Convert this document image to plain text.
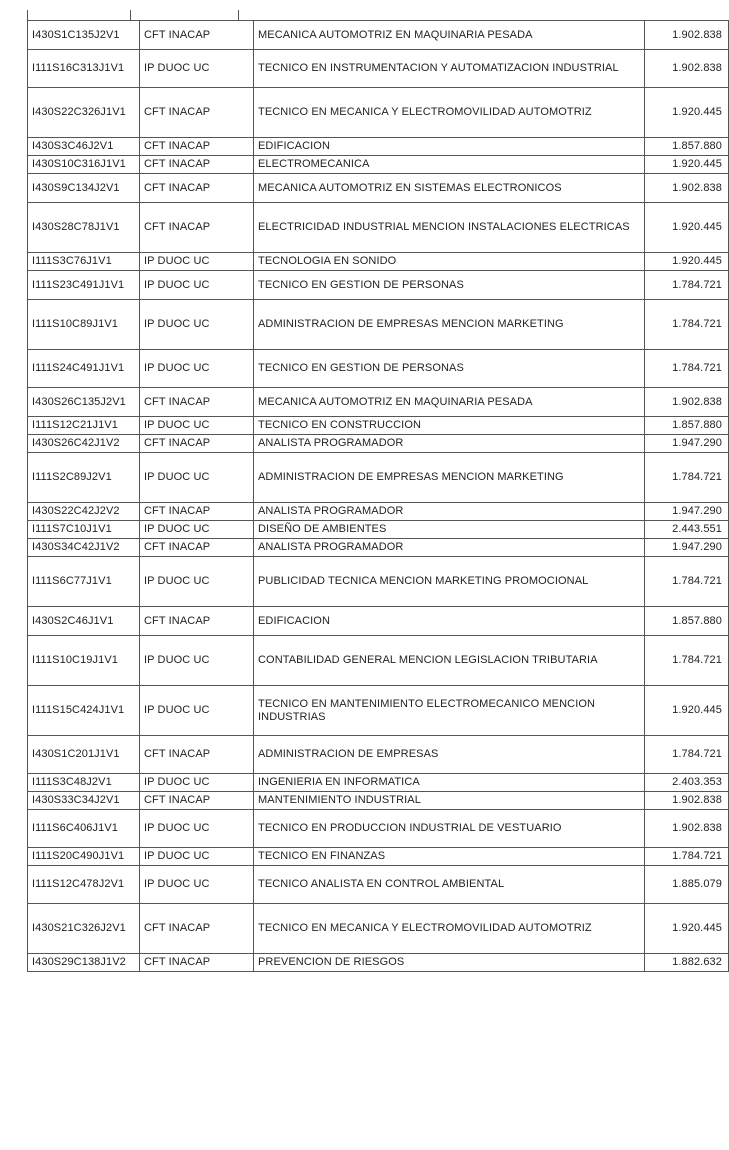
I430S1C135J2V1	CFT INACAP	MECANICA AUTOMOTRIZ EN MAQUINARIA PESADA	1.902.838
I111S16C313J1V1	IP DUOC UC	TECNICO EN INSTRUMENTACION Y AUTOMATIZACION INDUSTRIAL	1.902.838
I430S22C326J1V1	CFT INACAP	TECNICO EN MECANICA Y ELECTROMOVILIDAD AUTOMOTRIZ	1.920.445
I430S3C46J2V1	CFT INACAP	EDIFICACION	1.857.880
I430S10C316J1V1	CFT INACAP	ELECTROMECANICA	1.920.445
I430S9C134J2V1	CFT INACAP	MECANICA AUTOMOTRIZ EN SISTEMAS ELECTRONICOS	1.902.838
I430S28C78J1V1	CFT INACAP	ELECTRICIDAD INDUSTRIAL MENCION INSTALACIONES ELECTRICAS	1.920.445
I111S3C76J1V1	IP DUOC UC	TECNOLOGIA EN SONIDO	1.920.445
I111S23C491J1V1	IP DUOC UC	TECNICO EN GESTION DE PERSONAS	1.784.721
I111S10C89J1V1	IP DUOC UC	ADMINISTRACION DE EMPRESAS MENCION MARKETING	1.784.721
I111S24C491J1V1	IP DUOC UC	TECNICO EN GESTION DE PERSONAS	1.784.721
I430S26C135J2V1	CFT INACAP	MECANICA AUTOMOTRIZ EN MAQUINARIA PESADA	1.902.838
I111S12C21J1V1	IP DUOC UC	TECNICO EN CONSTRUCCION	1.857.880
I430S26C42J1V2	CFT INACAP	ANALISTA PROGRAMADOR	1.947.290
I111S2C89J2V1	IP DUOC UC	ADMINISTRACION DE EMPRESAS MENCION MARKETING	1.784.721
I430S22C42J2V2	CFT INACAP	ANALISTA PROGRAMADOR	1.947.290
I111S7C10J1V1	IP DUOC UC	DISEÑO DE AMBIENTES	2.443.551
I430S34C42J1V2	CFT INACAP	ANALISTA PROGRAMADOR	1.947.290
I111S6C77J1V1	IP DUOC UC	PUBLICIDAD TECNICA MENCION MARKETING PROMOCIONAL	1.784.721
I430S2C46J1V1	CFT INACAP	EDIFICACION	1.857.880
I111S10C19J1V1	IP DUOC UC	CONTABILIDAD GENERAL MENCION LEGISLACION TRIBUTARIA	1.784.721
I111S15C424J1V1	IP DUOC UC	TECNICO EN MANTENIMIENTO ELECTROMECANICO MENCION INDUSTRIAS	1.920.445
I430S1C201J1V1	CFT INACAP	ADMINISTRACION DE EMPRESAS	1.784.721
I111S3C48J2V1	IP DUOC UC	INGENIERIA EN INFORMATICA	2.403.353
I430S33C34J2V1	CFT INACAP	MANTENIMIENTO INDUSTRIAL	1.902.838
I111S6C406J1V1	IP DUOC UC	TECNICO EN PRODUCCION INDUSTRIAL DE VESTUARIO	1.902.838
I111S20C490J1V1	IP DUOC UC	TECNICO EN FINANZAS	1.784.721
I111S12C478J2V1	IP DUOC UC	TECNICO ANALISTA EN CONTROL AMBIENTAL	1.885.079
I430S21C326J2V1	CFT INACAP	TECNICO EN MECANICA Y ELECTROMOVILIDAD AUTOMOTRIZ	1.920.445
I430S29C138J1V2	CFT INACAP	PREVENCION DE RIESGOS	1.882.632
